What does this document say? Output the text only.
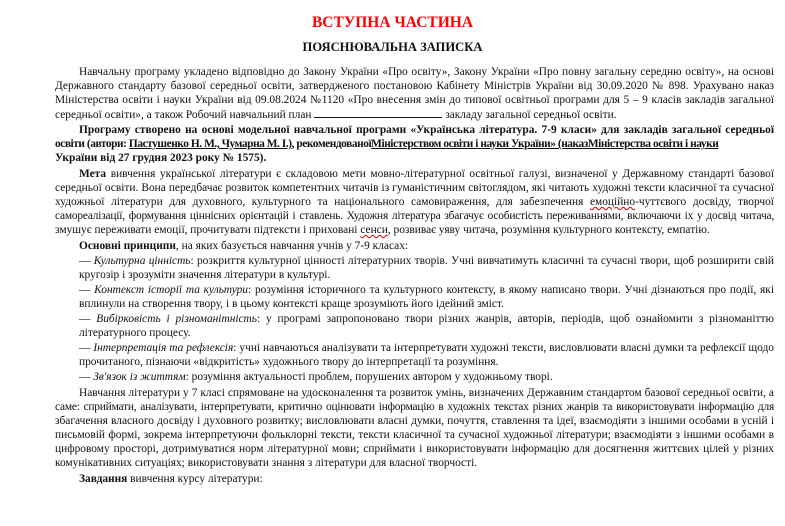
ВСТУПНА ЧАСТИНА
ПОЯСНЮВАЛЬНА ЗАПИСКА
Навчальну програму укладено відповідно до Закону України «Про освіту», Закону України «Про повну загальну середню освіту», на основі
Державного стандарту базової середньої освіти, затвердженого постановою Кабінету Міністрів України від 30.09.2020 № 898. Урахувано наказ
Міністерства освіти і науки України від 09.08.2024 №1120 «Про внесення змін до типової освітньої програми для 5 – 9 класів закладів загальної
середньої освіти», а також Робочий навчальний план	закладу загальної середньої освіти.
Програму створено на основі модельної навчальної програми «Українська література. 7-9 класи» для закладів загальної середньої
освіти (автори: Пастушенко Н. М., Чумарна М. І.), рекомендованоїМіністерством освіти і науки України» (наказМіністерства освіти і науки
України від 27 грудня 2023 року № 1575).
Мета вивчення української літератури є складовою мети мовно-літературної освітньої галузі, визначеної у Державному стандарті базової
середньої освіти. Вона передбачає розвиток компетентних читачів із гуманістичним світоглядом, які читають художні тексти класичної та сучасної
художньої літератури для духовного, культурного та національного самовираження, для забезпечення емоційно-чуттєвого досвіду, творчої
самореалізації, формування ціннісних орієнтацій і ставлень. Художня література збагачує особистість переживаннями, включаючи ix у досвід читача,
змушує переживати емоції, прочитувати підтексти і приховані сенси, розвиває уяву читача, розуміння культурного контексту, емпатію.
Основні принципи, на яких базується навчання учнів у 7-9 класах:
— Культурна цінність: розкриття культурної цінності літературних творів. Учні вивчатимуть класичні та сучасні твори, щоб розширити свій
кругозір і зрозуміти значення літератури в культурі.
— Контекст історії та культури: розуміння історичного та культурного контексту, в якому написано твори. Учні дізнаються про події, які
вплинули на створення твору, і в цьому контексті краще зрозуміють його ідейний зміст.
— Вибірковість і різноманітність: у програмі запропоновано твори різних жанрів, авторів, періодів, щоб ознайомити з різноманіттю
літературного процесу.
— Інтерпретація та рефлексія: учні навчаються аналізувати та інтерпретувати художні тексти, висловлювати власні думки та рефлексії щодо
прочитаного, пізнаючи «відкритість» художнього твору до інтерпретації та розуміння.
— Зв'язок із життям: розуміння актуальності проблем, порушених автором у художньому творі.
Навчання літератури у 7 класі спрямоване на удосконалення та розвиток умінь, визначених Державним стандартом базової середньої освіти, а
саме: сприймати, аналізувати, інтерпретувати, критично оцінювати інформацію в художніх текстах різних жанрів та використовувати інформацію для
збагачення власного досвіду і духовного розвитку; висловлювати власні думки, почуття, ставлення та ідеї, взаємодіяти з іншими особами в усній і
письмовій формі, зокрема інтерпретуючи фольклорні тексти, тексти класичної та сучасної художньої літератури; взаємодіяти з іншими особами в
цифровому просторі, дотримуватися норм літературної мови; сприймати і використовувати інформацію для досягнення життєвих цілей у різних
комунікативних ситуаціях; використовувати знання з літератури для власної творчості.
Завдання вивчення курсу літератури:
